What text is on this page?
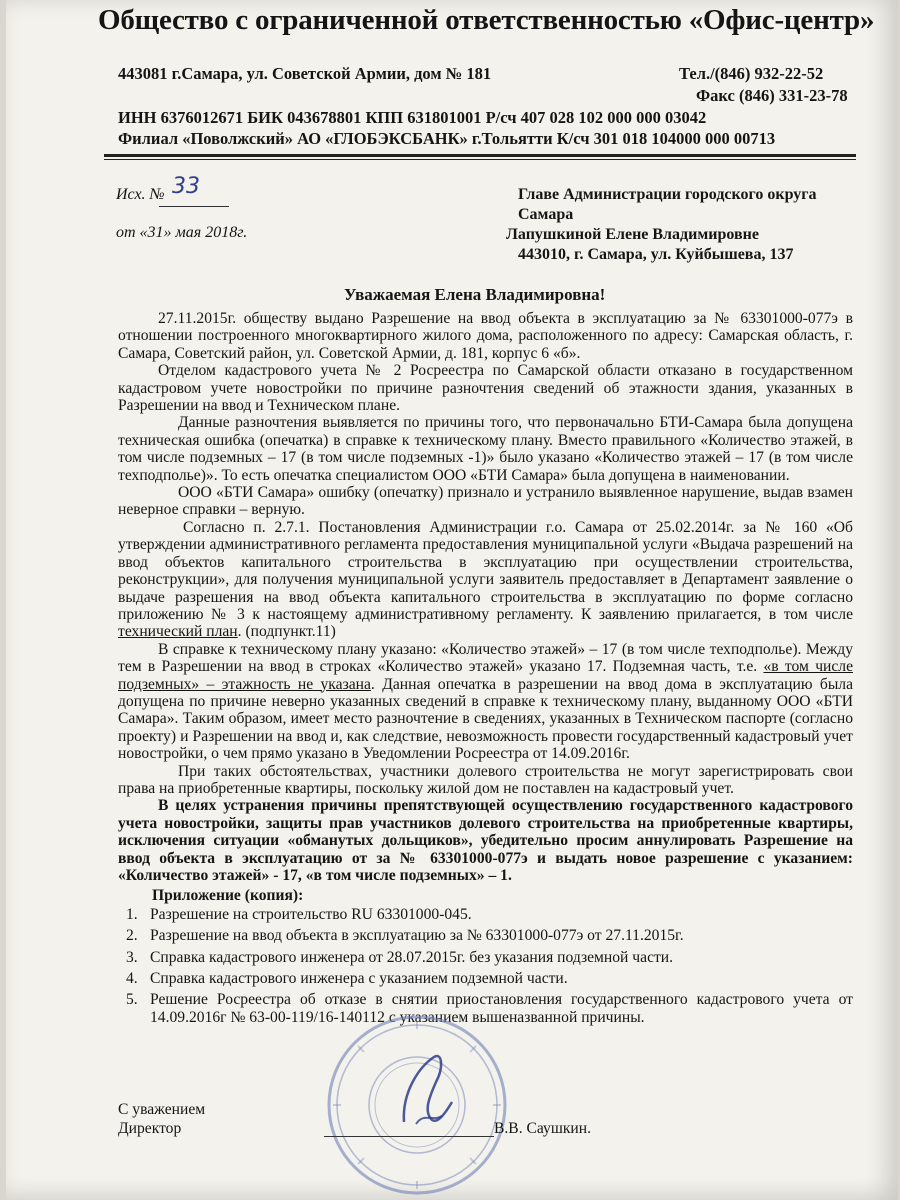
Общество с ограниченной ответственностью «Офис-центр»
443081 г.Самара, ул. Советской Армии, дом № 181	Тел./(846) 932-22-52
Факс (846) 331-23-78
ИНН 6376012671 БИК 043678801 КПП 631801001 Р/сч 407 028 102 000 000 03042
Филиал «Поволжский» АО «ГЛОБЭКСБАНК» г.Тольятти К/сч 301 018 104000 000 00713
Исх. № 33
от «31» мая 2018г.
Главе Администрации городского округа
Самара
Лапушкиной Елене Владимировне
443010, г. Самара, ул. Куйбышева, 137
Уважаемая Елена Владимировна!

27.11.2015г. обществу выдано Разрешение на ввод объекта в эксплуатацию за № 63301000-077э в отношении построенного многоквартирного жилого дома, расположенного по адресу: Самарская область, г. Самара, Советский район, ул. Советской Армии, д. 181, корпус 6 «б».

Отделом кадастрового учета № 2 Росреестра по Самарской области отказано в государственном кадастровом учете новостройки по причине разночтения сведений об этажности здания, указанных в Разрешении на ввод и Техническом плане.

Данные разночтения выявляется по причины того, что первоначально БТИ-Самара была допущена техническая ошибка (опечатка) в справке к техническому плану. Вместо правильного «Количество этажей, в том числе подземных – 17 (в том числе подземных -1)» было указано «Количество этажей – 17 (в том числе техподполье)». То есть опечатка специалистом ООО «БТИ Самара» была допущена в наименовании.

ООО «БТИ Самара» ошибку (опечатку) признало и устранило выявленное нарушение, выдав взамен неверное справки – верную.

Согласно п. 2.7.1. Постановления Администрации г.о. Самара от 25.02.2014г. за № 160 «Об утверждении административного регламента предоставления муниципальной услуги «Выдача разрешений на ввод объектов капитального строительства в эксплуатацию при осуществлении строительства, реконструкции», для получения муниципальной услуги заявитель предоставляет в Департамент заявление о выдаче разрешения на ввод объекта капитального строительства в эксплуатацию по форме согласно приложению № 3 к настоящему административному регламенту. К заявлению прилагается, в том числе технический план. (подпункт.11)

В справке к техническому плану указано: «Количество этажей» – 17 (в том числе техподполье). Между тем в Разрешении на ввод в строках «Количество этажей» указано 17. Подземная часть, т.е. «в том числе подземных» – этажность не указана. Данная опечатка в разрешении на ввод дома в эксплуатацию была допущена по причине неверно указанных сведений в справке к техническому плану, выданному ООО «БТИ Самара». Таким образом, имеет место разночтение в сведениях, указанных в Техническом паспорте (согласно проекту) и Разрешении на ввод и, как следствие, невозможность провести государственный кадастровый учет новостройки, о чем прямо указано в Уведомлении Росреестра от 14.09.2016г.

При таких обстоятельствах, участники долевого строительства не могут зарегистрировать свои права на приобретенные квартиры, поскольку жилой дом не поставлен на кадастровый учет.

В целях устранения причины препятствующей осуществлению государственного кадастрового учета новостройки, защиты прав участников долевого строительства на приобретенные квартиры, исключения ситуации «обманутых дольщиков», убедительно просим аннулировать Разрешение на ввод объекта в эксплуатацию от за № 63301000-077э и выдать новое разрешение с указанием: «Количество этажей» - 17, «в том числе подземных» – 1.

Приложение (копия):
1. Разрешение на строительство RU 63301000-045.
2. Разрешение на ввод объекта в эксплуатацию за № 63301000-077э от 27.11.2015г.
3. Справка кадастрового инженера от 28.07.2015г. без указания подземной части.
4. Справка кадастрового инженера с указанием подземной части.
5. Решение Росреестра об отказе в снятии приостановления государственного кадастрового учета от 14.09.2016г № 63-00-119/16-140112 с указанием вышеназванной причины.
С уважением
Директор	В.В. Саушкин.
